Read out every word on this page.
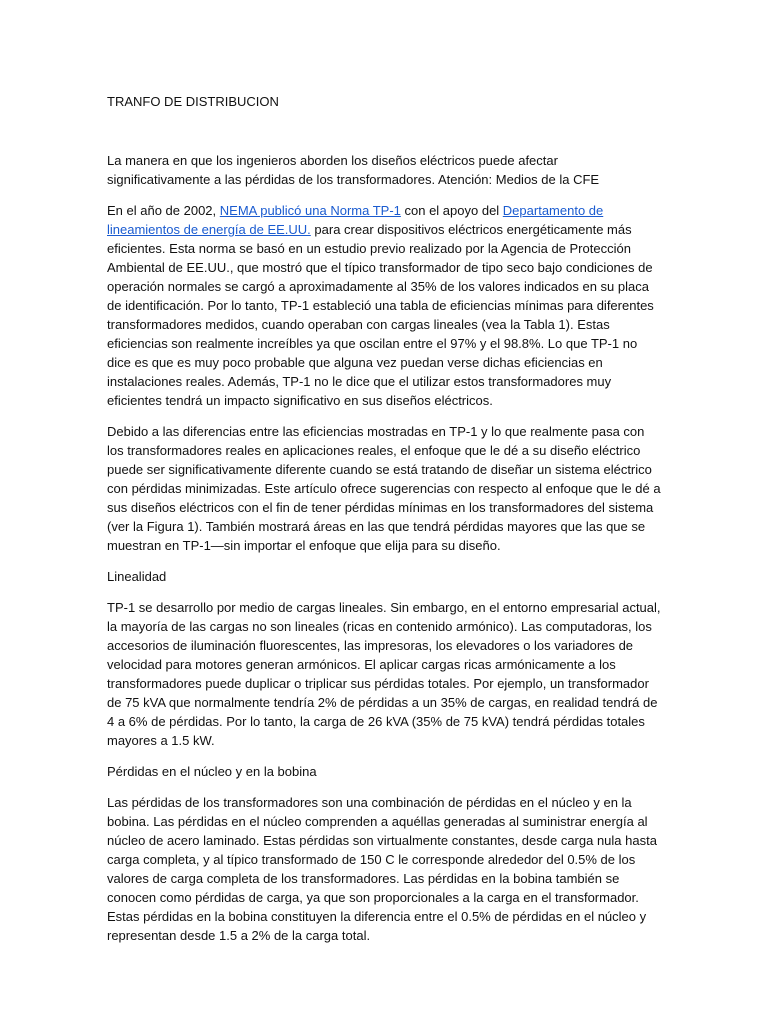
TRANFO DE DISTRIBUCION

La manera en que los ingenieros aborden los diseños eléctricos puede afectar significativamente a las pérdidas de los transformadores. Atención: Medios de la CFE

En el año de 2002, NEMA publicó una Norma TP-1 con el apoyo del Departamento de lineamientos de energía de EE.UU. para crear dispositivos eléctricos energéticamente más eficientes. Esta norma se basó en un estudio previo realizado por la Agencia de Protección Ambiental de EE.UU., que mostró que el típico transformador de tipo seco bajo condiciones de operación normales se cargó a aproximadamente al 35% de los valores indicados en su placa de identificación. Por lo tanto, TP-1 estableció una tabla de eficiencias mínimas para diferentes transformadores medidos, cuando operaban con cargas lineales (vea la Tabla 1). Estas eficiencias son realmente increíbles ya que oscilan entre el 97% y el 98.8%. Lo que TP-1 no dice es que es muy poco probable que alguna vez puedan verse dichas eficiencias en instalaciones reales. Además, TP-1 no le dice que el utilizar estos transformadores muy eficientes tendrá un impacto significativo en sus diseños eléctricos.

Debido a las diferencias entre las eficiencias mostradas en TP-1 y lo que realmente pasa con los transformadores reales en aplicaciones reales, el enfoque que le dé a su diseño eléctrico puede ser significativamente diferente cuando se está tratando de diseñar un sistema eléctrico con pérdidas minimizadas. Este artículo ofrece sugerencias con respecto al enfoque que le dé a sus diseños eléctricos con el fin de tener pérdidas mínimas en los transformadores del sistema (ver la Figura 1). También mostrará áreas en las que tendrá pérdidas mayores que las que se muestran en TP-1—sin importar el enfoque que elija para su diseño.

Linealidad

TP-1 se desarrollo por medio de cargas lineales. Sin embargo, en el entorno empresarial actual, la mayoría de las cargas no son lineales (ricas en contenido armónico). Las computadoras, los accesorios de iluminación fluorescentes, las impresoras, los elevadores o los variadores de velocidad para motores generan armónicos. El aplicar cargas ricas armónicamente a los transformadores puede duplicar o triplicar sus pérdidas totales. Por ejemplo, un transformador de 75 kVA que normalmente tendría 2% de pérdidas a un 35% de cargas, en realidad tendrá de 4 a 6% de pérdidas. Por lo tanto, la carga de 26 kVA (35% de 75 kVA) tendrá pérdidas totales mayores a 1.5 kW.

Pérdidas en el núcleo y en la bobina

Las pérdidas de los transformadores son una combinación de pérdidas en el núcleo y en la bobina. Las pérdidas en el núcleo comprenden a aquéllas generadas al suministrar energía al núcleo de acero laminado. Estas pérdidas son virtualmente constantes, desde carga nula hasta carga completa, y al típico transformado de 150 C le corresponde alrededor del 0.5% de los valores de carga completa de los transformadores. Las pérdidas en la bobina también se conocen como pérdidas de carga, ya que son proporcionales a la carga en el transformador. Estas pérdidas en la bobina constituyen la diferencia entre el 0.5% de pérdidas en el núcleo y representan desde 1.5 a 2% de la carga total.
